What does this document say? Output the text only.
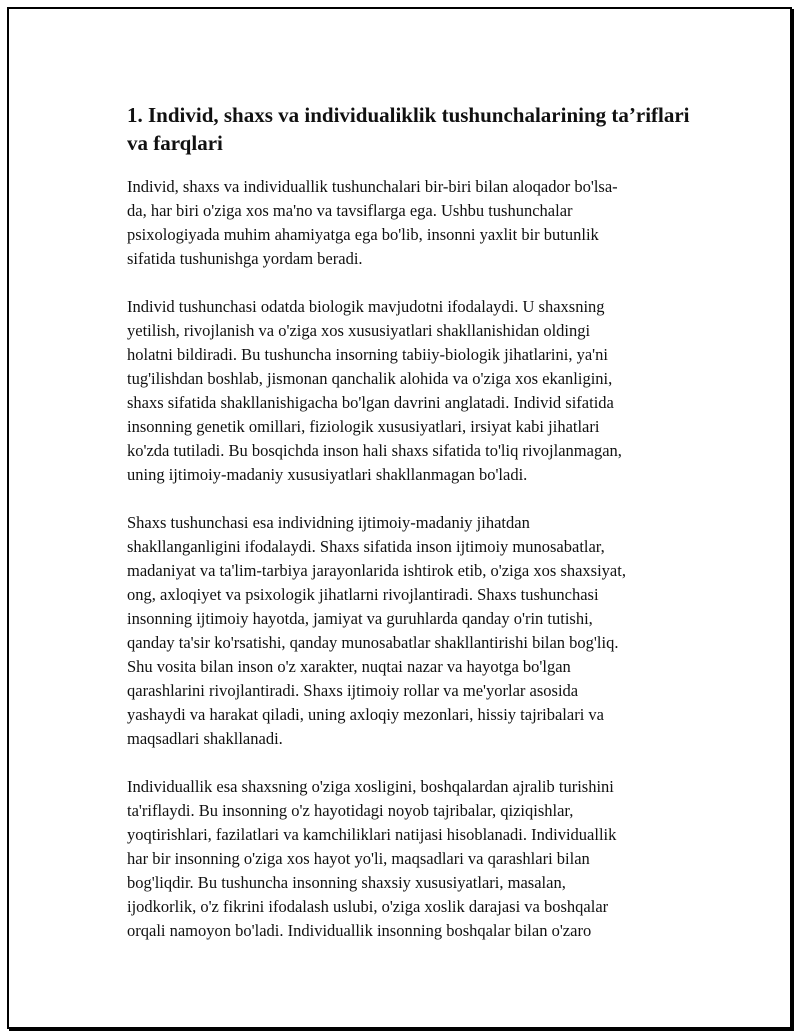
1. Individ, shaxs va individualiklik tushunchalarining ta’riflari
va farqlari

Individ, shaxs va individuallik tushunchalari bir-biri bilan aloqador bo'lsa-
da, har biri o'ziga xos ma'no va tavsiflarga ega. Ushbu tushunchalar
psixologiyada muhim ahamiyatga ega bo'lib, insonni yaxlit bir butunlik
sifatida tushunishga yordam beradi.

Individ tushunchasi odatda biologik mavjudotni ifodalaydi. U shaxsning
yetilish, rivojlanish va o'ziga xos xususiyatlari shakllanishidan oldingi
holatni bildiradi. Bu tushuncha insorning tabiiy-biologik jihatlarini, ya'ni
tug'ilishdan boshlab, jismonan qanchalik alohida va o'ziga xos ekanligini,
shaxs sifatida shakllanishigacha bo'lgan davrini anglatadi. Individ sifatida
insonning genetik omillari, fiziologik xususiyatlari, irsiyat kabi jihatlari
ko'zda tutiladi. Bu bosqichda inson hali shaxs sifatida to'liq rivojlanmagan,
uning ijtimoiy-madaniy xususiyatlari shakllanmagan bo'ladi.

Shaxs tushunchasi esa individning ijtimoiy-madaniy jihatdan
shakllanganligini ifodalaydi. Shaxs sifatida inson ijtimoiy munosabatlar,
madaniyat va ta'lim-tarbiya jarayonlarida ishtirok etib, o'ziga xos shaxsiyat,
ong, axloqiyet va psixologik jihatlarni rivojlantiradi. Shaxs tushunchasi
insonning ijtimoiy hayotda, jamiyat va guruhlarda qanday o'rin tutishi,
qanday ta'sir ko'rsatishi, qanday munosabatlar shakllantirishi bilan bog'liq.
Shu vosita bilan inson o'z xarakter, nuqtai nazar va hayotga bo'lgan
qarashlarini rivojlantiradi. Shaxs ijtimoiy rollar va me'yorlar asosida
yashaydi va harakat qiladi, uning axloqiy mezonlari, hissiy tajribalari va
maqsadlari shakllanadi.

Individuallik esa shaxsning o'ziga xosligini, boshqalardan ajralib turishini
ta'riflaydi. Bu insonning o'z hayotidagi noyob tajribalar, qiziqishlar,
yoqtirishlari, fazilatlari va kamchiliklari natijasi hisoblanadi. Individuallik
har bir insonning o'ziga xos hayot yo'li, maqsadlari va qarashlari bilan
bog'liqdir. Bu tushuncha insonning shaxsiy xususiyatlari, masalan,
ijodkorlik, o'z fikrini ifodalash uslubi, o'ziga xoslik darajasi va boshqalar
orqali namoyon bo'ladi. Individuallik insonning boshqalar bilan o'zaro
